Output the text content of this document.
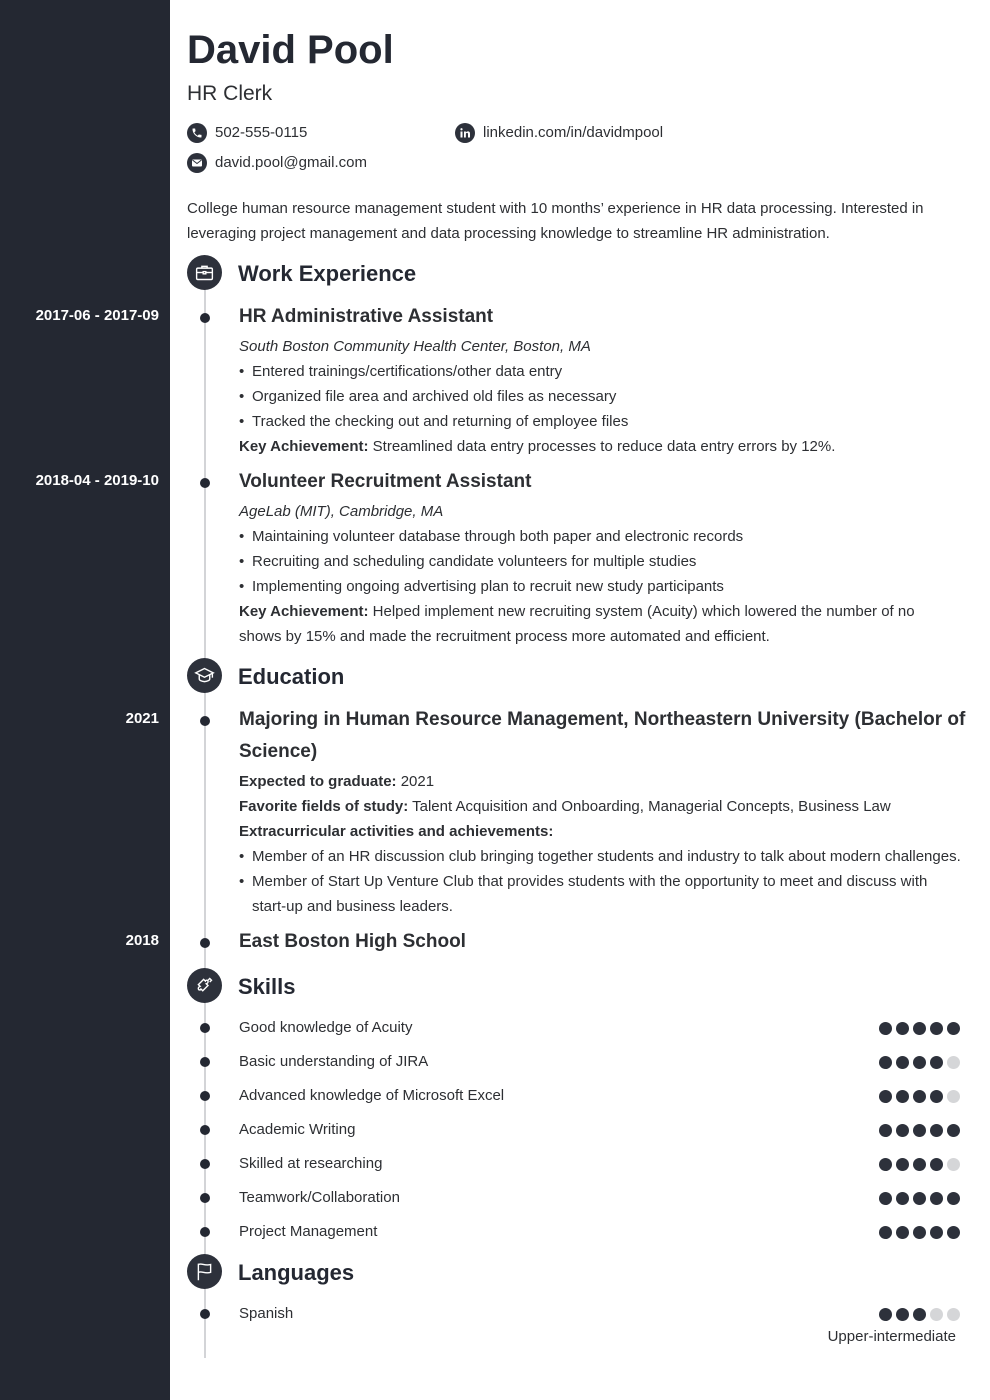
David Pool
HR Clerk
502-555-0115	linkedin.com/in/davidmpool
david.pool@gmail.com
College human resource management student with 10 months’ experience in HR data processing. Interested in leveraging project management and data processing knowledge to streamline HR administration.
Work Experience
2017-06 - 2017-09	HR Administrative Assistant
South Boston Community Health Center, Boston, MA
• Entered trainings/certifications/other data entry
• Organized file area and archived old files as necessary
• Tracked the checking out and returning of employee files
Key Achievement: Streamlined data entry processes to reduce data entry errors by 12%.
2018-04 - 2019-10	Volunteer Recruitment Assistant
AgeLab (MIT), Cambridge, MA
• Maintaining volunteer database through both paper and electronic records
• Recruiting and scheduling candidate volunteers for multiple studies
• Implementing ongoing advertising plan to recruit new study participants
Key Achievement: Helped implement new recruiting system (Acuity) which lowered the number of no shows by 15% and made the recruitment process more automated and efficient.
Education
2021	Majoring in Human Resource Management, Northeastern University (Bachelor of Science)
Expected to graduate: 2021
Favorite fields of study: Talent Acquisition and Onboarding, Managerial Concepts, Business Law
Extracurricular activities and achievements:
• Member of an HR discussion club bringing together students and industry to talk about modern challenges.
• Member of Start Up Venture Club that provides students with the opportunity to meet and discuss with start-up and business leaders.
2018	East Boston High School
Skills
Good knowledge of Acuity
Basic understanding of JIRA
Advanced knowledge of Microsoft Excel
Academic Writing
Skilled at researching
Teamwork/Collaboration
Project Management
Languages
Spanish
Upper-intermediate
